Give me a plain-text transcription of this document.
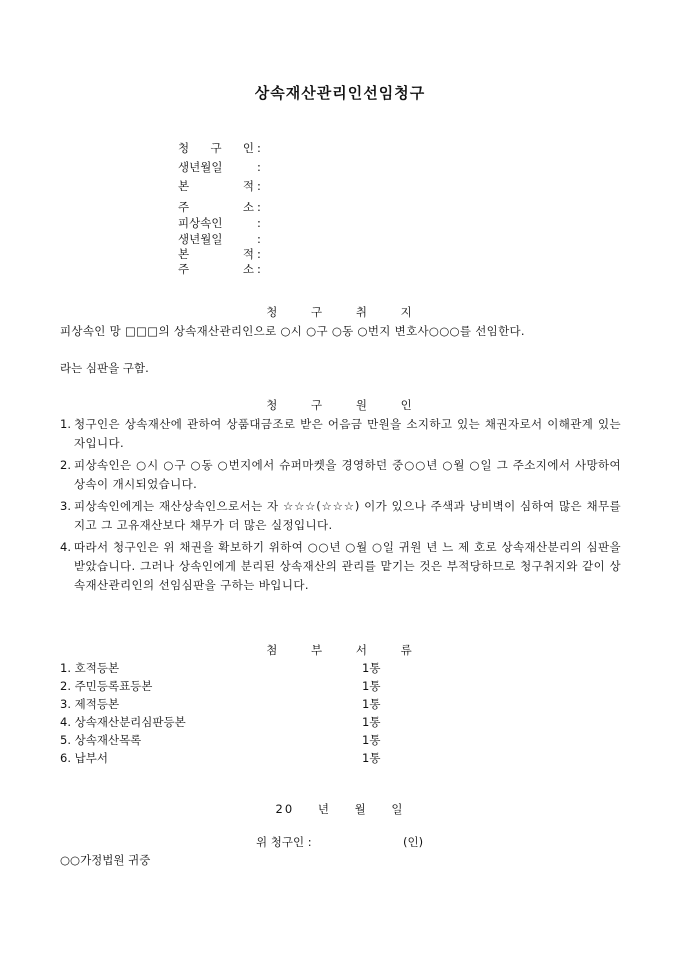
상속재산관리인선임청구
청 구 인 :
생년월일	:
본 적 :
주 소 :
피상속인	:
생년월일	:
본 적 :
주 소 :
청 구 취 지
피상속인 망 □□□의 상속재산관리인으로 ○시 ○구 ○동 ○번지 변호사○○○를 선임한다.
라는 심판을 구함.
청 구 원 인
1. 청구인은 상속재산에 관하여 상품대금조로 받은 어음금 만원을 소지하고 있는 채권자로서 이해관계 있는 자입니다.
2. 피상속인은 ○시 ○구 ○동 ○번지에서 슈퍼마켓을 경영하던 중○○년 ○월 ○일 그 주소지에서 사망하여 상속이 개시되었습니다.
3. 피상속인에게는 재산상속인으로서는 자 ☆☆☆(☆☆☆) 이가 있으나 주색과 낭비벽이 심하여 많은 채무를 지고 그 고유재산보다 채무가 더 많은 실정입니다.
4. 따라서 청구인은 위 채권을 확보하기 위하여 ○○년 ○월 ○일 귀원 년 느 제 호로 상속재산분리의 심판을 받았습니다. 그러나 상속인에게 분리된 상속재산의 관리를 맡기는 것은 부적당하므로 청구취지와 같이 상속재산관리인의 선임심판을 구하는 바입니다.
첨 부 서 류
1. 호적등본	1통
2. 주민등록표등본	1통
3. 제적등본	1통
4. 상속재산분리심판등본	1통
5. 상속재산목록	1통
6. 납부서	1통
20 년 월 일
위 청구인 :	(인)
○○가정법원 귀중
